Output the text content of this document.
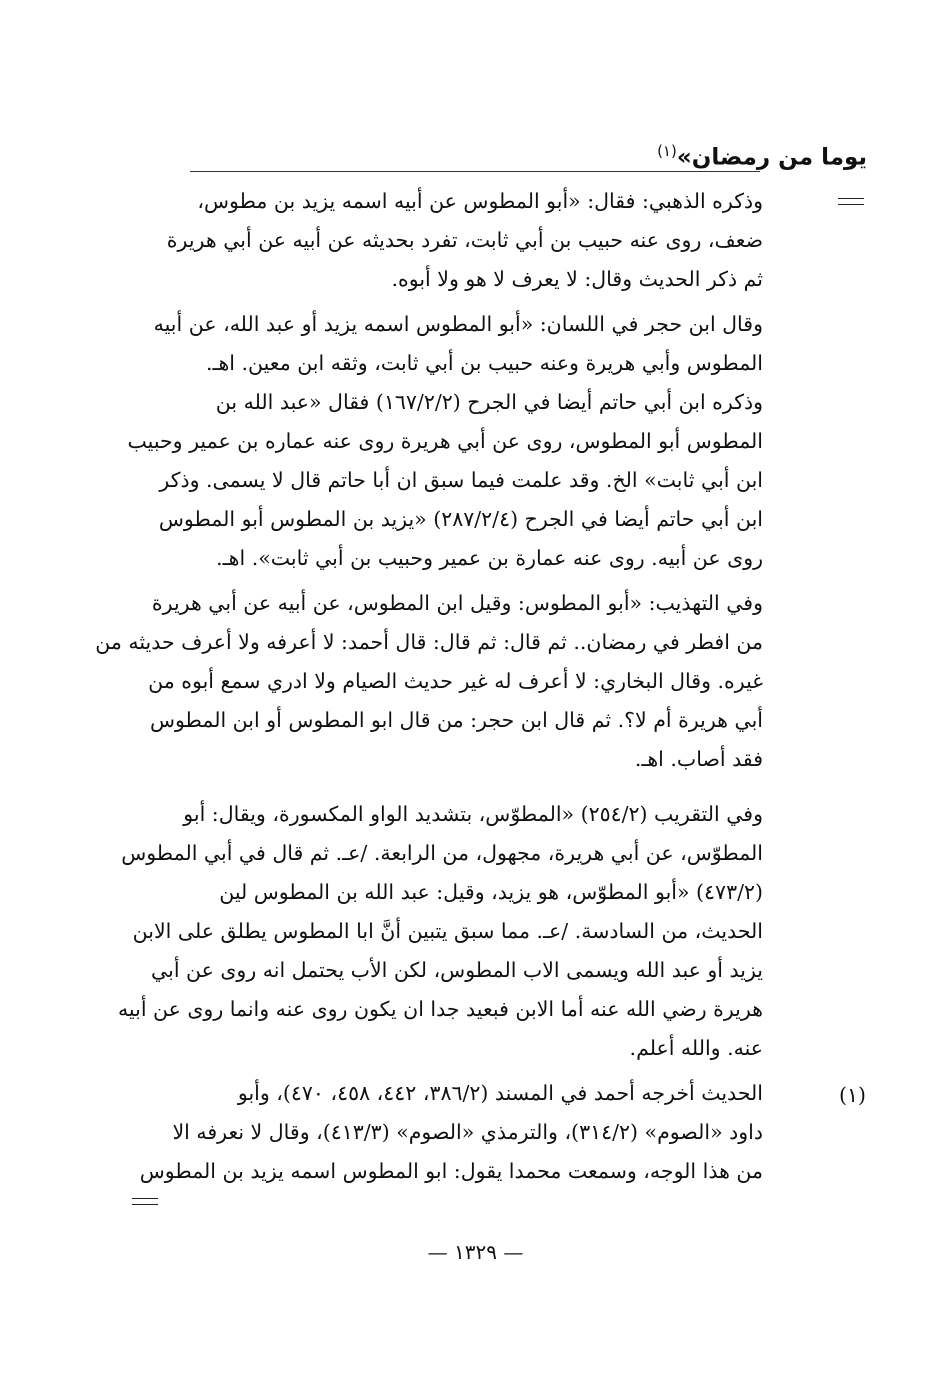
يوما من رمضان»$^{(١)}$
وذكره الذهبي: فقال: «أبو المطوس عن أبيه اسمه يزيد بن مطوس،
ضعف، روى عنه حبيب بن أبي ثابت، تفرد بحديثه عن أبيه عن أبي هريرة
ثم ذكر الحديث وقال: لا يعرف لا هو ولا أبوه.
وقال ابن حجر في اللسان: «أبو المطوس اسمه يزيد أو عبد الله، عن أبيه
المطوس وأبي هريرة وعنه حبيب بن أبي ثابت، وثقه ابن معين. اهـ.
وذكره ابن أبي حاتم أيضا في الجرح (١٦٧/٢/٢) فقال «عبد الله بن
المطوس أبو المطوس، روى عن أبي هريرة روى عنه عماره بن عمير وحبيب
ابن أبي ثابت» الخ. وقد علمت فيما سبق ان أبا حاتم قال لا يسمى. وذكر
ابن أبي حاتم أيضا في الجرح (٢٨٧/٢/٤) «يزيد بن المطوس أبو المطوس
روى عن أبيه. روى عنه عمارة بن عمير وحبيب بن أبي ثابت». اهـ.
وفي التهذيب: «أبو المطوس: وقيل ابن المطوس، عن أبيه عن أبي هريرة
من افطر في رمضان.. ثم قال: ثم قال: قال أحمد: لا أعرفه ولا أعرف حديثه من
غيره. وقال البخاري: لا أعرف له غير حديث الصيام ولا ادري سمع أبوه من
أبي هريرة أم لا؟. ثم قال ابن حجر: من قال ابو المطوس أو ابن المطوس
فقد أصاب. اهـ.
وفي التقريب (٢٥٤/٢) «المطوّس، بتشديد الواو المكسورة، ويقال: أبو
المطوّس، عن أبي هريرة، مجهول، من الرابعة. /عـ. ثم قال في أبي المطوس
(٤٧٣/٢) «أبو المطوّس، هو يزيد، وقيل: عبد الله بن المطوس لين
الحديث، من السادسة. /عـ. مما سبق يتبين أنَّ ابا المطوس يطلق على الابن
يزيد أو عبد الله ويسمى الاب المطوس، لكن الأب يحتمل انه روى عن أبي
هريرة رضي الله عنه أما الابن فبعيد جدا ان يكون روى عنه وانما روى عن أبيه
عنه. والله أعلم.
الحديث أخرجه أحمد في المسند (٣٨٦/٢، ٤٤٢، ٤٥٨، ٤٧٠)، وأبو
داود «الصوم» (٣١٤/٢)، والترمذي «الصوم» (٤١٣/٣)، وقال لا نعرفه الا
من هذا الوجه، وسمعت محمدا يقول: ابو المطوس اسمه يزيد بن المطوس
(١)
— ١٣٢٩ —
